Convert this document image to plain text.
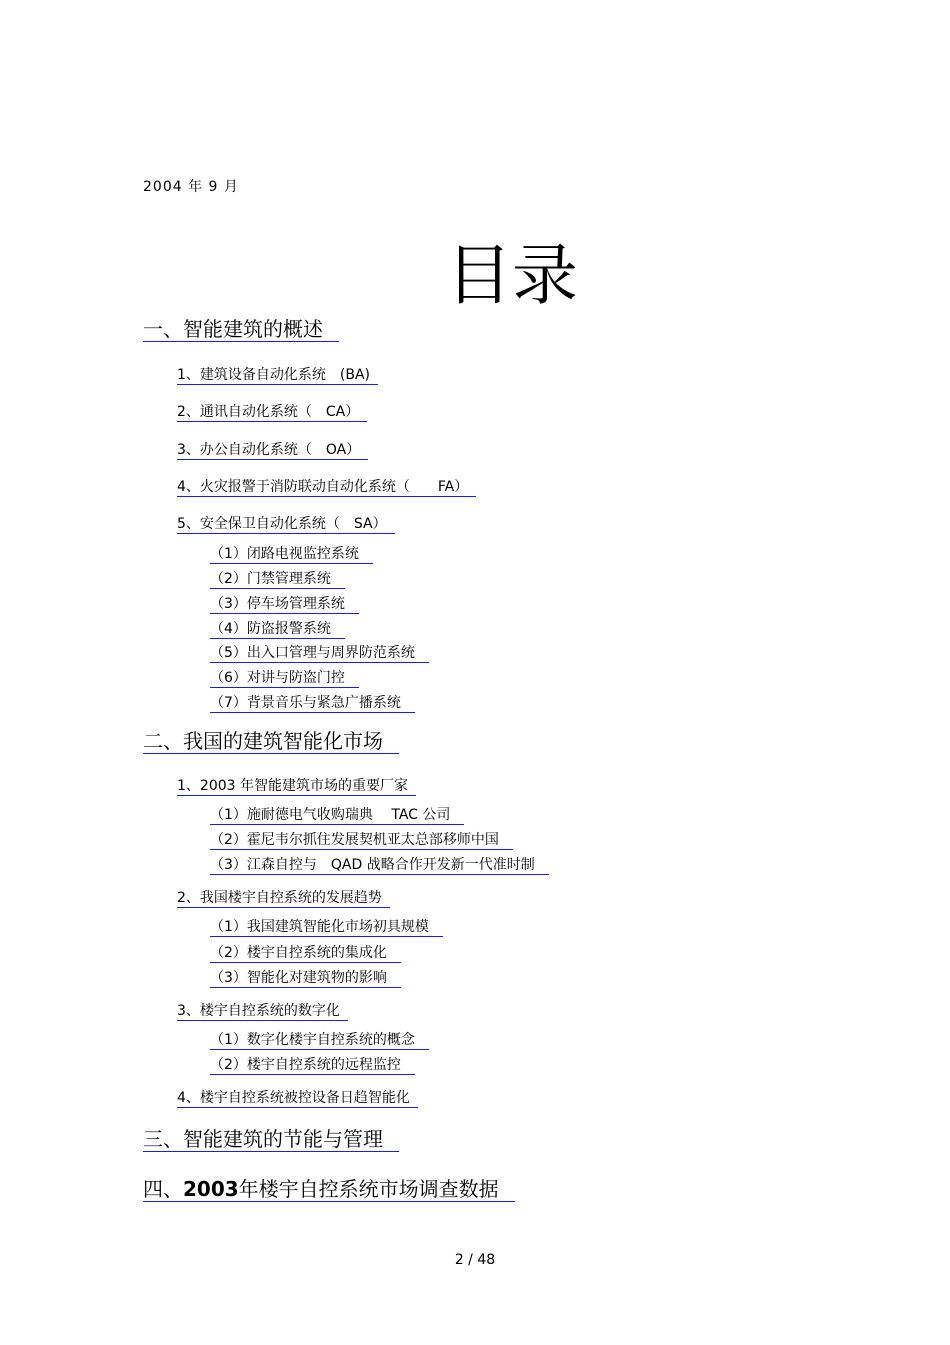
2004 年 9 月
目录
一、智能建筑的概述
1、建筑设备自动化系统　(BA)
2、通讯自动化系统（　CA）
3、办公自动化系统（　OA）
4、火灾报警于消防联动自动化系统（　　FA）
5、安全保卫自动化系统（　SA）
（1）闭路电视监控系统
（2）门禁管理系统
（3）停车场管理系统
（4）防盗报警系统
（5）出入口管理与周界防范系统
（6）对讲与防盗门控
（7）背景音乐与紧急广播系统
二、我国的建筑智能化市场
1、2003 年智能建筑市场的重要厂家
（1）施耐德电气收购瑞典　 TAC 公司
（2）霍尼韦尔抓住发展契机亚太总部移师中国
（3）江森自控与　QAD 战略合作开发新一代准时制
2、我国楼宇自控系统的发展趋势
（1）我国建筑智能化市场初具规模
（2）楼宇自控系统的集成化
（3）智能化对建筑物的影响
3、楼宇自控系统的数字化
（1）数字化楼宇自控系统的概念
（2）楼宇自控系统的远程监控
4、楼宇自控系统被控设备日趋智能化
三、智能建筑的节能与管理
四、2003年楼宇自控系统市场调查数据
2 / 48
